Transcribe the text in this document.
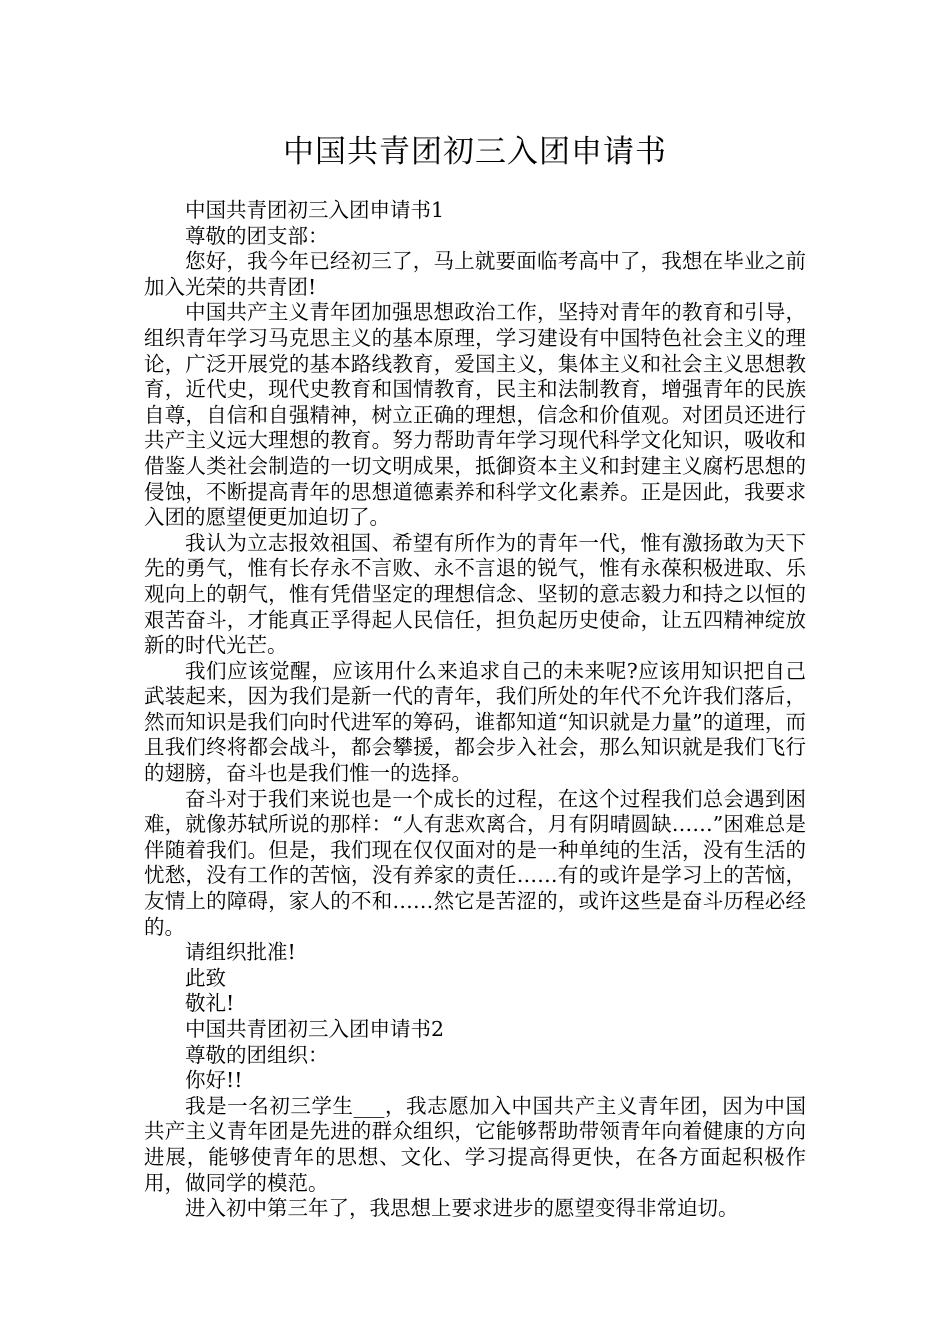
中国共青团初三入团申请书

中国共青团初三入团申请书1

尊敬的团支部：

您好，我今年已经初三了，马上就要面临考高中了，我想在毕业之前加入光荣的共青团!

中国共产主义青年团加强思想政治工作，坚持对青年的教育和引导，组织青年学习马克思主义的基本原理，学习建设有中国特色社会主义的理论，广泛开展党的基本路线教育，爱国主义，集体主义和社会主义思想教育，近代史，现代史教育和国情教育，民主和法制教育，增强青年的民族自尊，自信和自强精神，树立正确的理想，信念和价值观。对团员还进行共产主义远大理想的教育。努力帮助青年学习现代科学文化知识，吸收和借鉴人类社会制造的一切文明成果，抵御资本主义和封建主义腐朽思想的侵蚀，不断提高青年的思想道德素养和科学文化素养。正是因此，我要求入团的愿望便更加迫切了。

我认为立志报效祖国、希望有所作为的青年一代，惟有激扬敢为天下先的勇气，惟有长存永不言败、永不言退的锐气，惟有永葆积极进取、乐观向上的朝气，惟有凭借坚定的理想信念、坚韧的意志毅力和持之以恒的艰苦奋斗，才能真正孚得起人民信任，担负起历史使命，让五四精神绽放新的时代光芒。

我们应该觉醒，应该用什么来追求自己的未来呢?应该用知识把自己武装起来，因为我们是新一代的青年，我们所处的年代不允许我们落后，然而知识是我们向时代进军的筹码，谁都知道“知识就是力量”的道理，而且我们终将都会战斗，都会攀援，都会步入社会，那么知识就是我们飞行的翅膀，奋斗也是我们惟一的选择。

奋斗对于我们来说也是一个成长的过程，在这个过程我们总会遇到困难，就像苏轼所说的那样：“人有悲欢离合，月有阴晴圆缺……”困难总是伴随着我们。但是，我们现在仅仅面对的是一种单纯的生活，没有生活的忧愁，没有工作的苦恼，没有养家的责任……有的或许是学习上的苦恼，友情上的障碍，家人的不和……然它是苦涩的，或许这些是奋斗历程必经的。

请组织批准!

此致

敬礼!

中国共青团初三入团申请书2

尊敬的团组织：

你好!!

我是一名初三学生___，我志愿加入中国共产主义青年团，因为中国共产主义青年团是先进的群众组织，它能够帮助带领青年向着健康的方向进展，能够使青年的思想、文化、学习提高得更快，在各方面起积极作用，做同学的模范。

进入初中第三年了，我思想上要求进步的愿望变得非常迫切。
